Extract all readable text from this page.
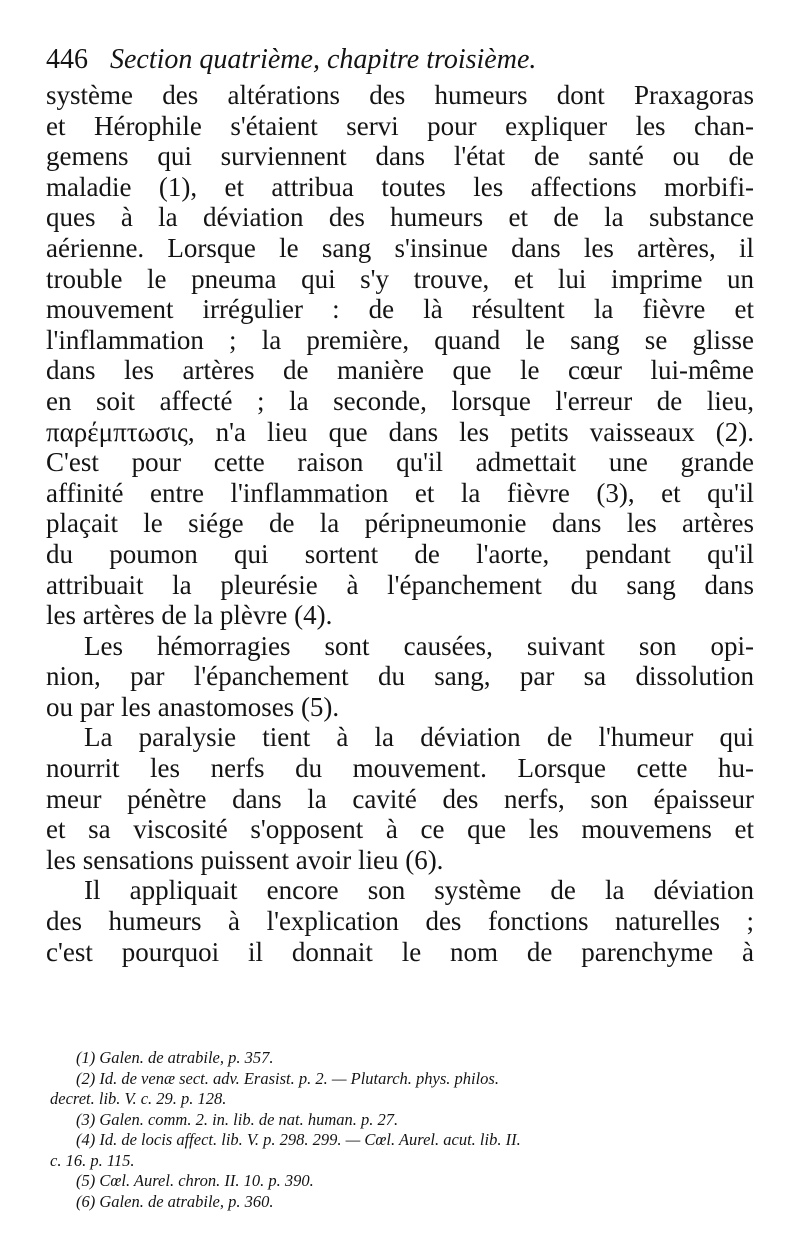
446 Section quatrième, chapitre troisième.
système des altérations des humeurs dont Praxagoras
et Hérophile s'étaient servi pour expliquer les chan-
gemens qui surviennent dans l'état de santé ou de
maladie (1), et attribua toutes les affections morbifi-
ques à la déviation des humeurs et de la substance
aérienne. Lorsque le sang s'insinue dans les artères, il
trouble le pneuma qui s'y trouve, et lui imprime un
mouvement irrégulier : de là résultent la fièvre et
l'inflammation ; la première, quand le sang se glisse
dans les artères de manière que le cœur lui-même
en soit affecté ; la seconde, lorsque l'erreur de lieu,
παρέμπτωσις, n'a lieu que dans les petits vaisseaux (2).
C'est pour cette raison qu'il admettait une grande
affinité entre l'inflammation et la fièvre (3), et qu'il
plaçait le siége de la péripneumonie dans les artères
du poumon qui sortent de l'aorte, pendant qu'il
attribuait la pleurésie à l'épanchement du sang dans
les artères de la plèvre (4).
Les hémorragies sont causées, suivant son opi-
nion, par l'épanchement du sang, par sa dissolution
ou par les anastomoses (5).
La paralysie tient à la déviation de l'humeur qui
nourrit les nerfs du mouvement. Lorsque cette hu-
meur pénètre dans la cavité des nerfs, son épaisseur
et sa viscosité s'opposent à ce que les mouvemens et
les sensations puissent avoir lieu (6).
Il appliquait encore son système de la déviation
des humeurs à l'explication des fonctions naturelles ;
c'est pourquoi il donnait le nom de parenchyme à
(1) Galen. de atrabile, p. 357.
(2) Id. de venæ sect. adv. Erasist. p. 2. — Plutarch. phys. philos.
decret. lib. V. c. 29. p. 128.
(3) Galen. comm. 2. in. lib. de nat. human. p. 27.
(4) Id. de locis affect. lib. V. p. 298. 299. — Cœl. Aurel. acut. lib. II.
c. 16. p. 115.
(5) Cœl. Aurel. chron. II. 10. p. 390.
(6) Galen. de atrabile, p. 360.
